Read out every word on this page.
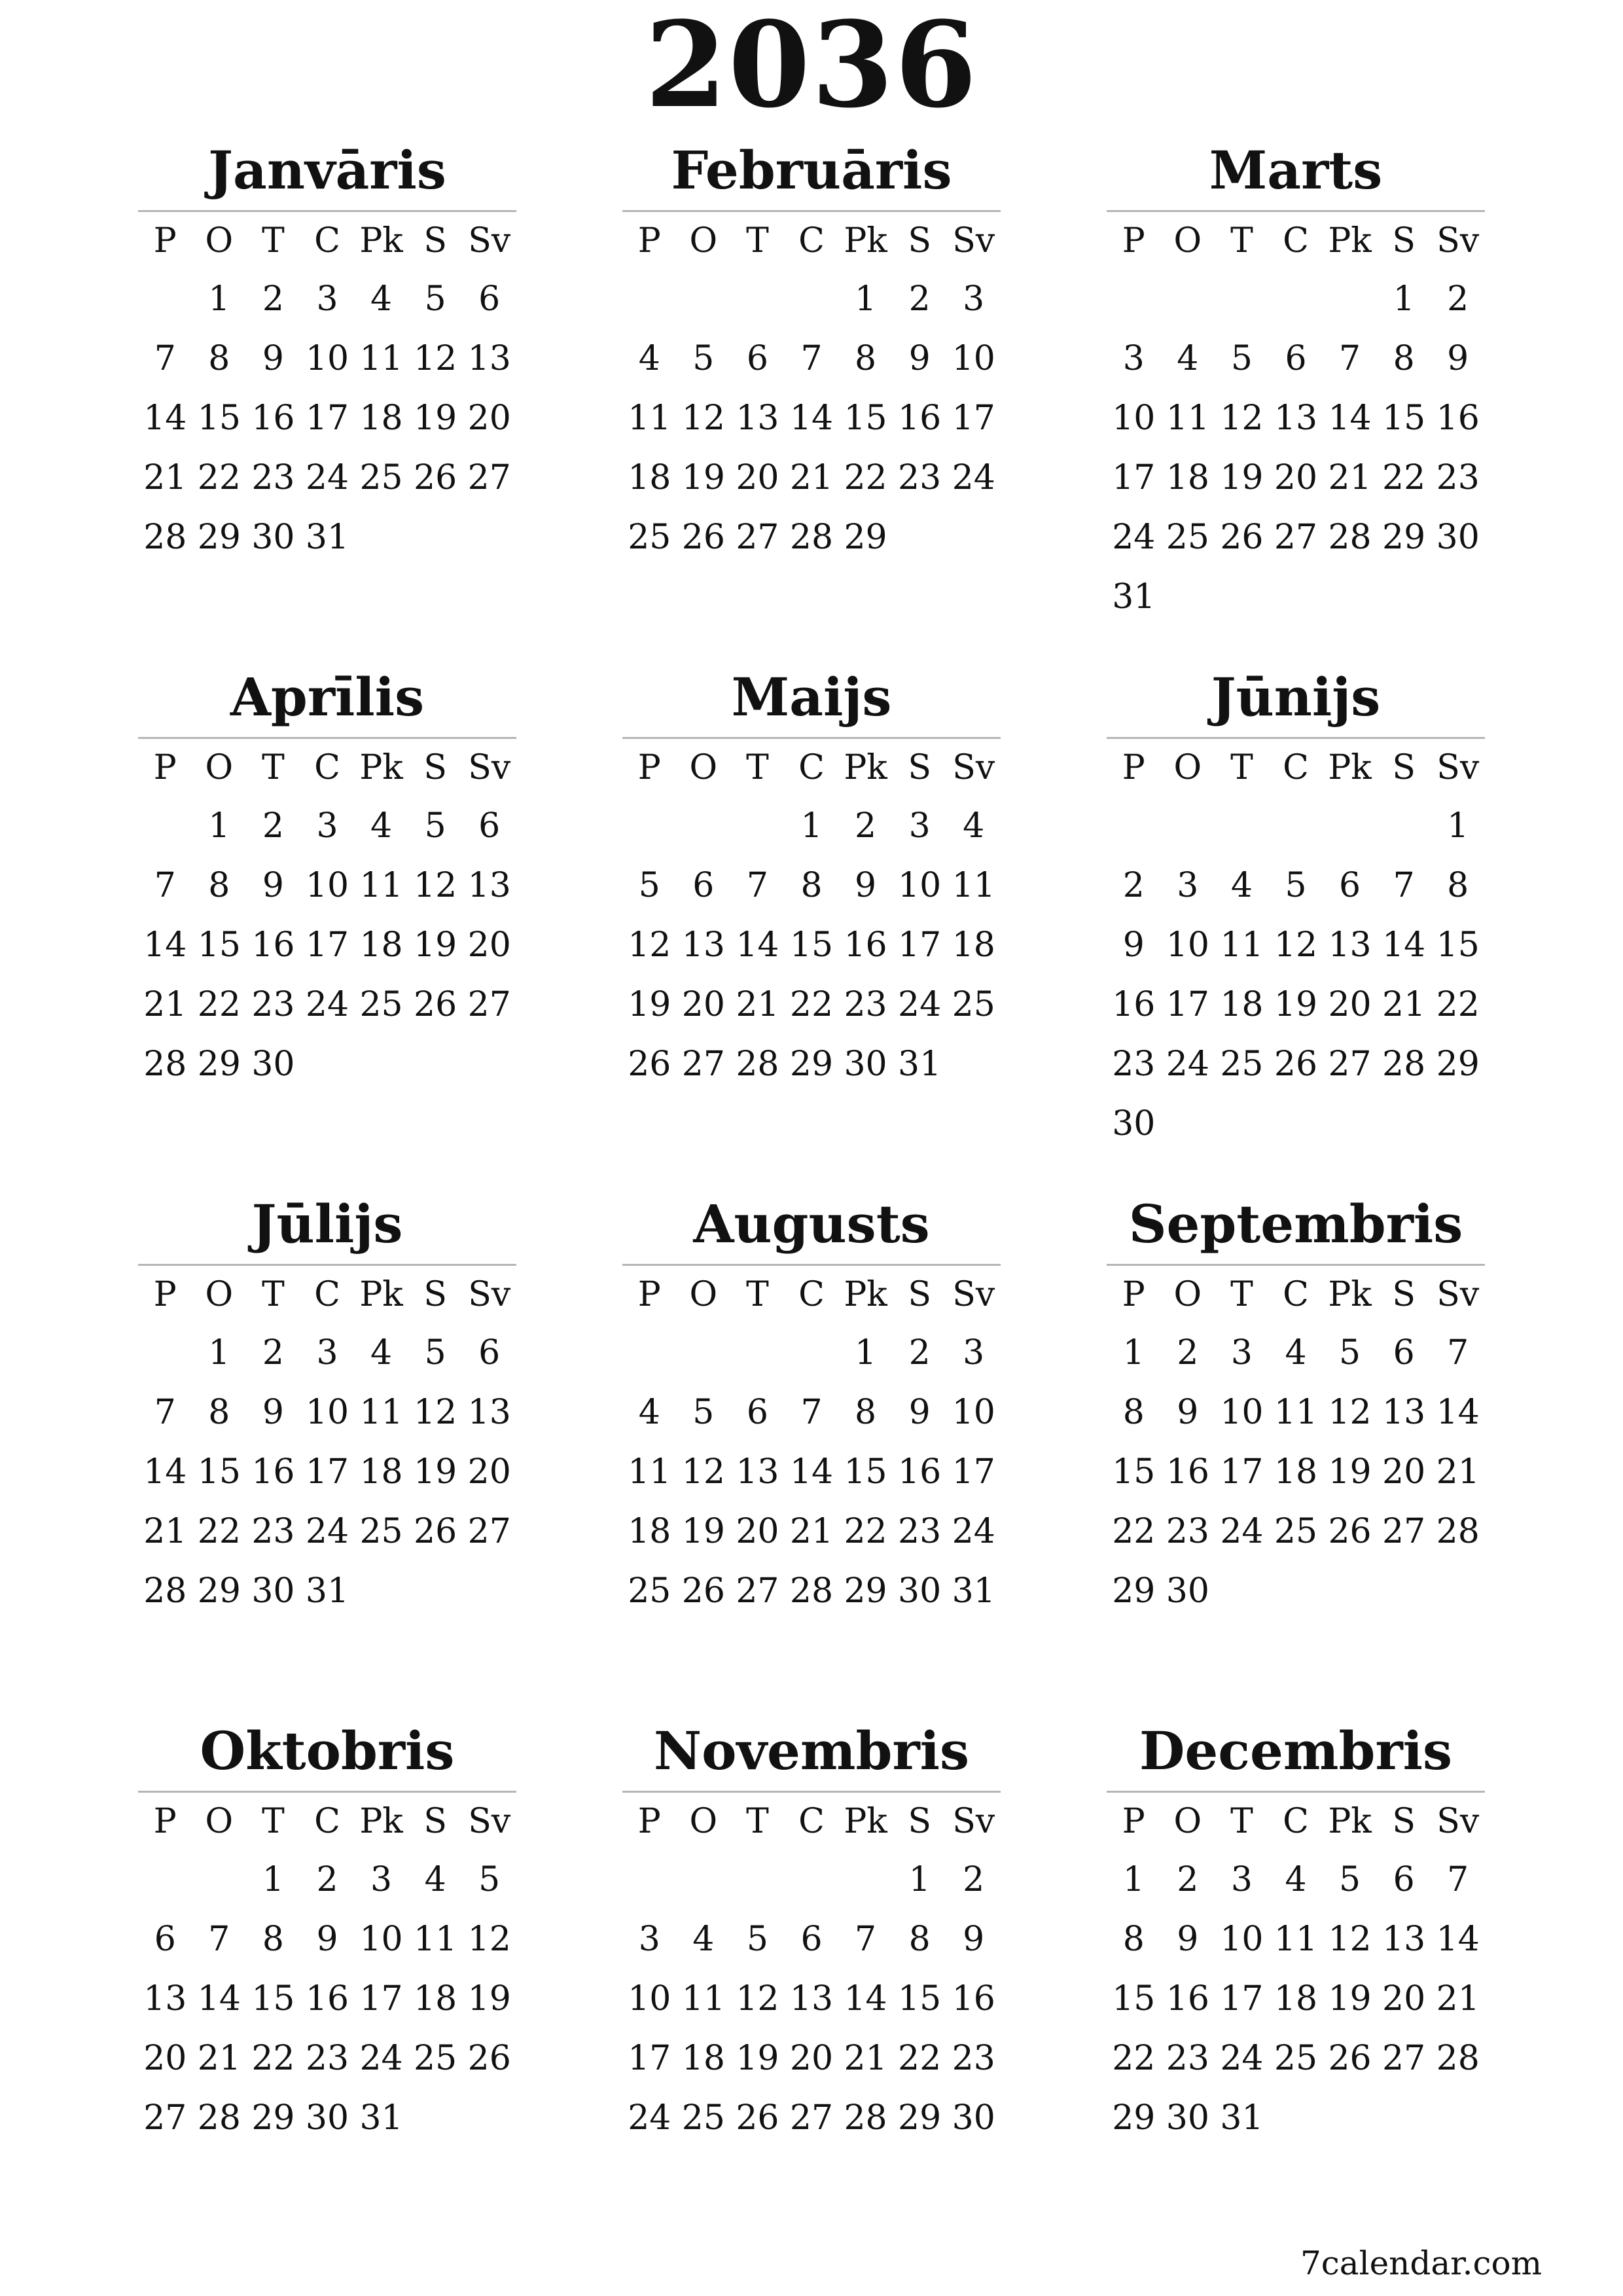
2036
Janvāris
P O T C Pk S Sv
1 2 3 4 5 6
7 8 9 10 11 12 13
14 15 16 17 18 19 20
21 22 23 24 25 26 27
28 29 30 31
Februāris
P O T C Pk S Sv
1 2 3
4 5 6 7 8 9 10
11 12 13 14 15 16 17
18 19 20 21 22 23 24
25 26 27 28 29
Marts
P O T C Pk S Sv
1 2
3 4 5 6 7 8 9
10 11 12 13 14 15 16
17 18 19 20 21 22 23
24 25 26 27 28 29 30
31
Aprīlis
P O T C Pk S Sv
1 2 3 4 5 6
7 8 9 10 11 12 13
14 15 16 17 18 19 20
21 22 23 24 25 26 27
28 29 30
Maijs
P O T C Pk S Sv
1 2 3 4
5 6 7 8 9 10 11
12 13 14 15 16 17 18
19 20 21 22 23 24 25
26 27 28 29 30 31
Jūnijs
P O T C Pk S Sv
1
2 3 4 5 6 7 8
9 10 11 12 13 14 15
16 17 18 19 20 21 22
23 24 25 26 27 28 29
30
Jūlijs
P O T C Pk S Sv
1 2 3 4 5 6
7 8 9 10 11 12 13
14 15 16 17 18 19 20
21 22 23 24 25 26 27
28 29 30 31
Augusts
P O T C Pk S Sv
1 2 3
4 5 6 7 8 9 10
11 12 13 14 15 16 17
18 19 20 21 22 23 24
25 26 27 28 29 30 31
Septembris
P O T C Pk S Sv
1 2 3 4 5 6 7
8 9 10 11 12 13 14
15 16 17 18 19 20 21
22 23 24 25 26 27 28
29 30
Oktobris
P O T C Pk S Sv
1 2 3 4 5
6 7 8 9 10 11 12
13 14 15 16 17 18 19
20 21 22 23 24 25 26
27 28 29 30 31
Novembris
P O T C Pk S Sv
1 2
3 4 5 6 7 8 9
10 11 12 13 14 15 16
17 18 19 20 21 22 23
24 25 26 27 28 29 30
Decembris
P O T C Pk S Sv
1 2 3 4 5 6 7
8 9 10 11 12 13 14
15 16 17 18 19 20 21
22 23 24 25 26 27 28
29 30 31
7calendar.com
